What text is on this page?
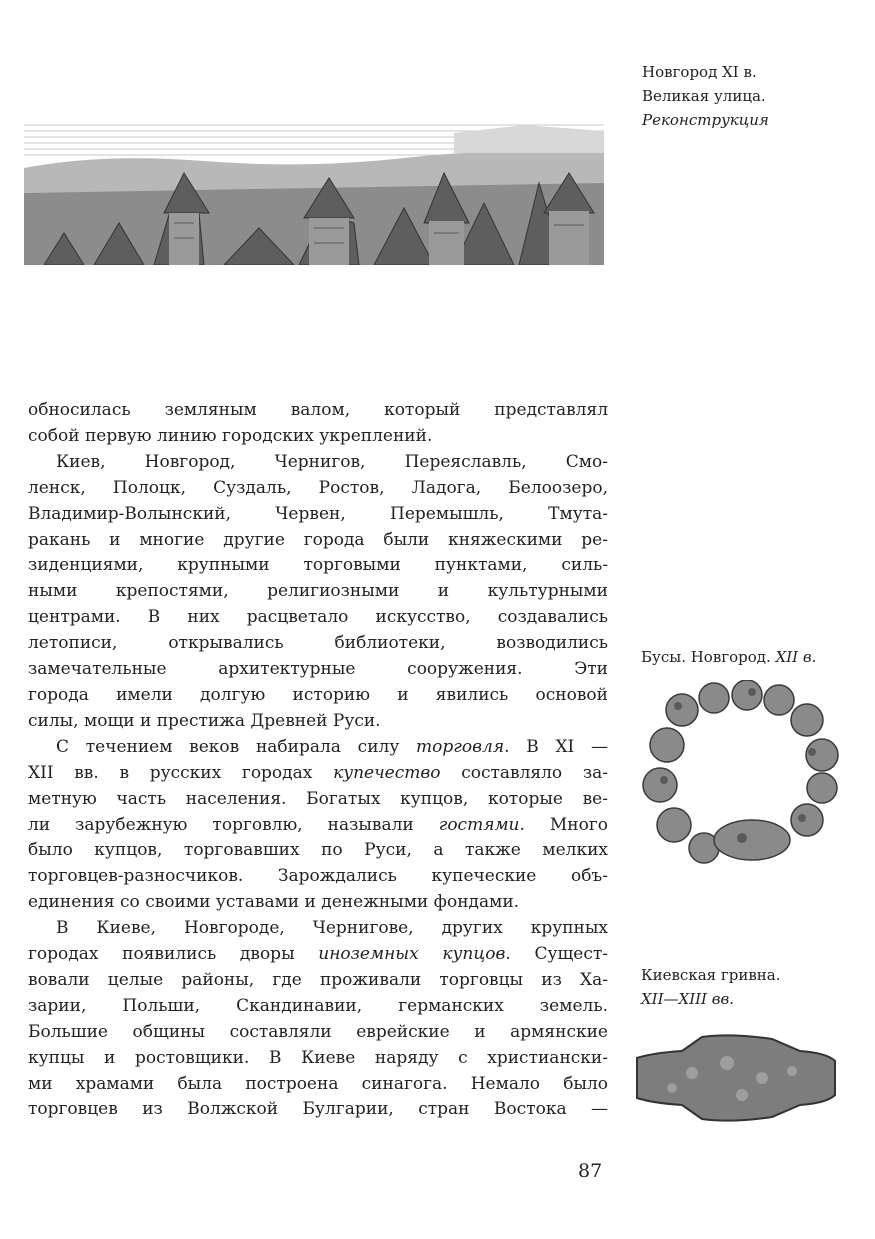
Новгород XI в.
Великая улица.
Реконструкция
Бусы. Новгород. XII в.
Киевская гривна.
XII—XIII вв.
обносилась земляным валом, который представлял
собой первую линию городских укреплений.
Киев, Новгород, Чернигов, Переяславль, Смо-
ленск, Полоцк, Суздаль, Ростов, Ладога, Белоозеро,
Владимир-Волынский, Червен, Перемышль, Тмута-
ракань и многие другие города были княжескими ре-
зиденциями, крупными торговыми пунктами, силь-
ными крепостями, религиозными и культурными
центрами. В них расцветало искусство, создавались
летописи, открывались библиотеки, возводились
замечательные архитектурные сооружения. Эти
города имели долгую историю и явились основой
силы, мощи и престижа Древней Руси.
С течением веков набирала силу торговля. В XI —
XII вв. в русских городах купечество составляло за-
метную часть населения. Богатых купцов, которые ве-
ли зарубежную торговлю, называли гостями. Много
было купцов, торговавших по Руси, а также мелких
торговцев-разносчиков. Зарождались купеческие объ-
единения со своими уставами и денежными фондами.
В Киеве, Новгороде, Чернигове, других крупных
городах появились дворы иноземных купцов. Сущест-
вовали целые районы, где проживали торговцы из Ха-
зарии, Польши, Скандинавии, германских земель.
Большие общины составляли еврейские и армянские
купцы и ростовщики. В Киеве наряду с христиански-
ми храмами была построена синагога. Немало было
торговцев из Волжской Булгарии, стран Востока —
87
